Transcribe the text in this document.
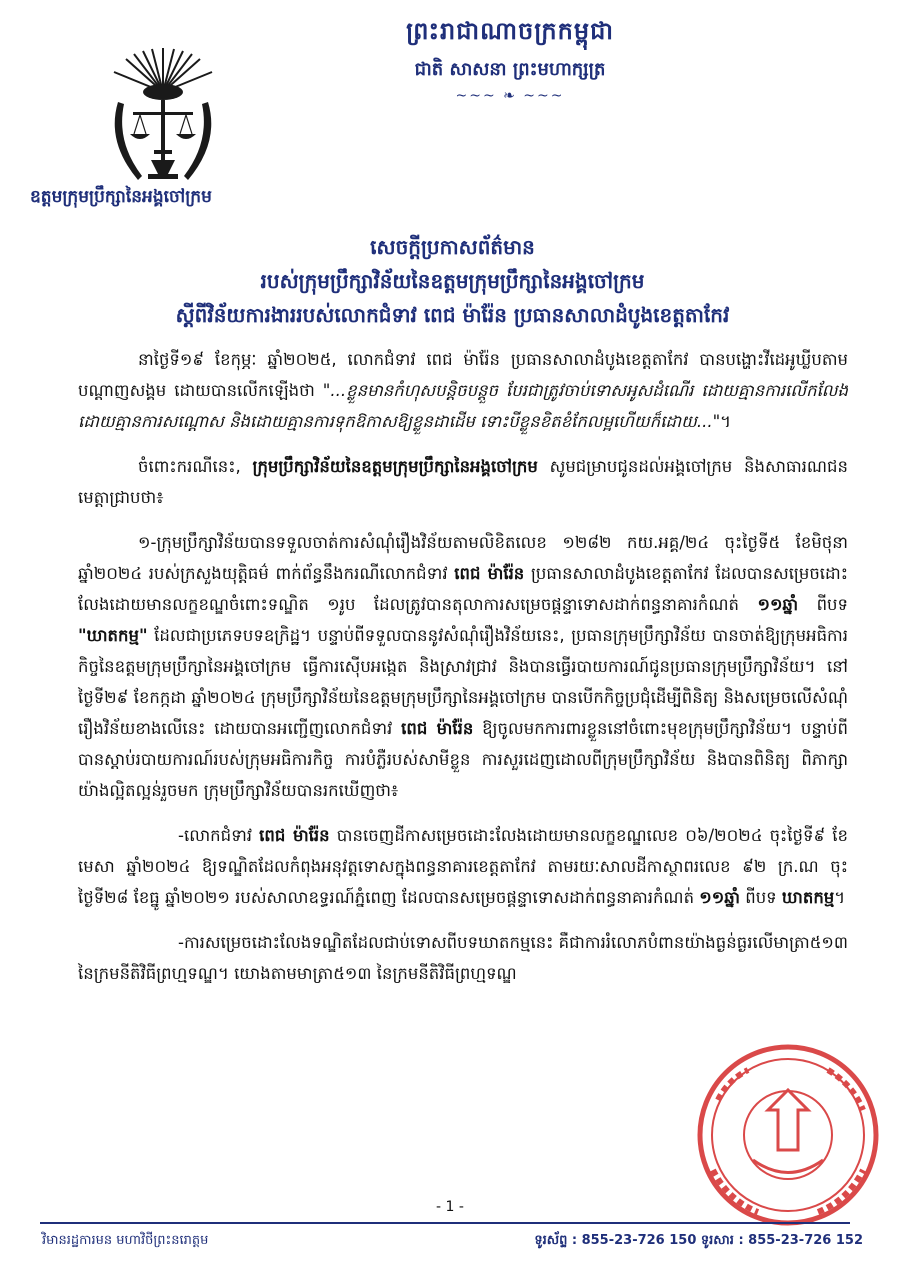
ឧត្តមក្រុមប្រឹក្សានៃអង្គចៅក្រម
ព្រះរាជាណាចក្រកម្ពុជា
ជាតិ សាសនា ព្រះមហាក្សត្រ
~~~ ❧ ~~~
សេចក្តីប្រកាសព័ត៌មាន
របស់ក្រុមប្រឹក្សាវិន័យនៃឧត្តមក្រុមប្រឹក្សានៃអង្គចៅក្រម
ស្តីពីវិន័យការងាររបស់លោកជំទាវ ពេជ ម៉ារ៉ែន ប្រធានសាលាដំបូងខេត្តតាកែវ

នាថ្ងៃទី១៩ ខែកុម្ភៈ ឆ្នាំ២០២៥, លោកជំទាវ ពេជ ម៉ារ៉ែន ប្រធានសាលាដំបូងខេត្តតាកែវ បានបង្ហោះវីដេអូឃ្លីបតាមបណ្តាញសង្គម ដោយបានលើកឡើងថា "...ខ្លួនមានកំហុសបន្តិចបន្តួច បែរជាត្រូវចាប់ទោសអូសដំណើរ ដោយគ្មានការលើកលែង ដោយគ្មានការសណ្តោស និងដោយគ្មានការទុកឱកាសឱ្យខ្លួនដាដើម ទោះបីខ្លួនខិតខំកែលម្អហើយក៏ដោយ..."។

ចំពោះករណីនេះ, ក្រុមប្រឹក្សាវិន័យនៃឧត្តមក្រុមប្រឹក្សានៃអង្គចៅក្រម សូមជម្រាបជូនដល់អង្គចៅក្រម និងសាធារណជន មេត្តាជ្រាបថា៖

១-ក្រុមប្រឹក្សាវិន័យបានទទួលចាត់ការសំណុំរឿងវិន័យតាមលិខិតលេខ ១២៨២ កយ.អគ្គ/២៤ ចុះថ្ងៃទី៥ ខែមិថុនា ឆ្នាំ២០២៤ របស់ក្រសួងយុត្តិធម៌ ពាក់ព័ន្ធនឹងករណីលោកជំទាវ ពេជ ម៉ារ៉ែន ប្រធានសាលាដំបូងខេត្តតាកែវ ដែលបានសម្រេចដោះលែងដោយមានលក្ខខណ្ឌចំពោះទណ្ឌិត ១រូប ដែលត្រូវបានតុលាការសម្រេចផ្តន្ទាទោសដាក់ពន្ធនាគារកំណត់ ១១ឆ្នាំ ពីបទ "ឃាតកម្ម" ដែលជាប្រភេទបទឧក្រិដ្ឋ។ បន្ទាប់ពីទទួលបាននូវសំណុំរឿងវិន័យនេះ, ប្រធានក្រុមប្រឹក្សាវិន័យ បានចាត់ឱ្យក្រុមអធិការកិច្ចនៃឧត្តមក្រុមប្រឹក្សានៃអង្គចៅក្រម ធ្វើការស៊ើបអង្កេត និងស្រាវជ្រាវ និងបានធ្វើរបាយការណ៍ជូនប្រធានក្រុមប្រឹក្សាវិន័យ។ នៅថ្ងៃទី២៩ ខែកក្កដា ឆ្នាំ២០២៤ ក្រុមប្រឹក្សាវិន័យនៃឧត្តមក្រុមប្រឹក្សានៃអង្គចៅក្រម បានបើកកិច្ចប្រជុំដើម្បីពិនិត្យ និងសម្រេចលើសំណុំរឿងវិន័យខាងលើនេះ ដោយបានអញ្ជើញលោកជំទាវ ពេជ ម៉ារ៉ែន ឱ្យចូលមកការពារខ្លួននៅចំពោះមុខក្រុមប្រឹក្សាវិន័យ។ បន្ទាប់ពីបានស្តាប់របាយការណ៍របស់ក្រុមអធិការកិច្ច ការបំភ្លឺរបស់សាមីខ្លួន ការសួរដេញដោលពីក្រុមប្រឹក្សាវិន័យ និងបានពិនិត្យ ពិភាក្សាយ៉ាងល្អិតល្អន់រួចមក ក្រុមប្រឹក្សាវិន័យបានរកឃើញថា៖

-លោកជំទាវ ពេជ ម៉ារ៉ែន បានចេញដីកាសម្រេចដោះលែងដោយមានលក្ខខណ្ឌលេខ ០៦/២០២៤ ចុះថ្ងៃទី៩ ខែមេសា ឆ្នាំ២០២៤ ឱ្យទណ្ឌិតដែលកំពុងអនុវត្តទោសក្នុងពន្ធនាគារខេត្តតាកែវ តាមរយៈសាលដីកាស្ថាពរលេខ ៩២ ក្រ.ណ ចុះថ្ងៃទី២៨ ខែធ្នូ ឆ្នាំ២០២១ របស់សាលាឧទ្ធរណ៍ភ្នំពេញ ដែលបានសម្រេចផ្តន្ទាទោសដាក់ពន្ធនាគារកំណត់ ១១ឆ្នាំ ពីបទ ឃាតកម្ម។

-ការសម្រេចដោះលែងទណ្ឌិតដែលជាប់ទោសពីបទឃាតកម្មនេះ គឺជាការរំលោភបំពានយ៉ាងធ្ងន់ធ្ងរលើមាត្រា៥១៣ នៃក្រមនីតិវិធីព្រហ្មទណ្ឌ។ យោងតាមមាត្រា៥១៣ នៃក្រមនីតិវិធីព្រហ្មទណ្ឌ

- 1 -
វិមានរដ្ឋការមន មហាវិថីព្រះនរោត្តម	ទូរស័ព្ទ : 855-23-726 150 ទូរសារ : 855-23-726 152
